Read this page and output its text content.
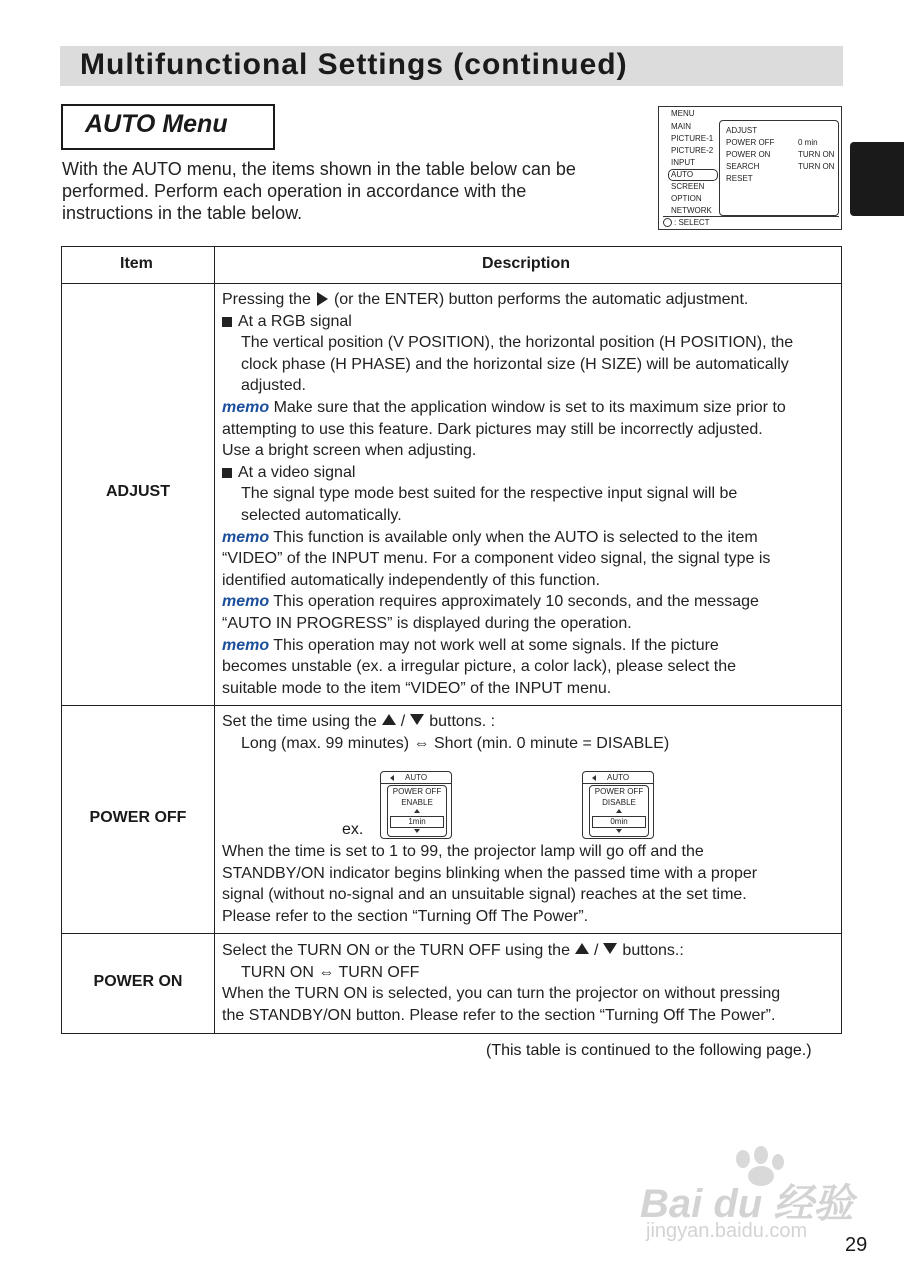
Multifunctional Settings (continued)
AUTO Menu
With the AUTO menu, the items shown in the table below can be
performed. Perform each operation in accordance with the
instructions in the table below.
MENU
MAIN
PICTURE-1
PICTURE-2
INPUT
AUTO
SCREEN
OPTION
NETWORK
ADJUST
POWER OFF	0 min
POWER ON	TURN ON
SEARCH	TURN ON
RESET
: SELECT
Item	Description
ADJUST
Pressing the (or the ENTER) button performs the automatic adjustment.
At a RGB signal
The vertical position (V POSITION), the horizontal position (H POSITION), the
clock phase (H PHASE) and the horizontal size (H SIZE) will be automatically
adjusted.
memo Make sure that the application window is set to its maximum size prior to
attempting to use this feature. Dark pictures may still be incorrectly adjusted.
Use a bright screen when adjusting.
At a video signal
The signal type mode best suited for the respective input signal will be
selected automatically.
memo This function is available only when the AUTO is selected to the item
“VIDEO” of the INPUT menu. For a component video signal, the signal type is
identified automatically independently of this function.
memo This operation requires approximately 10 seconds, and the message
“AUTO IN PROGRESS” is displayed during the operation.
memo This operation may not work well at some signals. If the picture
becomes unstable (ex. a irregular picture, a color lack), please select the
suitable mode to the item “VIDEO” of the INPUT menu.
POWER OFF
Set the time using the / buttons. :
Long (max. 99 minutes) ⇔ Short (min. 0 minute = DISABLE)
ex.
AUTO
POWER OFF
ENABLE
1min
AUTO
POWER OFF
DISABLE
0min
When the time is set to 1 to 99, the projector lamp will go off and the
STANDBY/ON indicator begins blinking when the passed time with a proper
signal (without no-signal and an unsuitable signal) reaches at the set time.
Please refer to the section “Turning Off The Power”.
POWER ON
Select the TURN ON or the TURN OFF using the / buttons.:
TURN ON ⇔ TURN OFF
When the TURN ON is selected, you can turn the projector on without pressing
the STANDBY/ON button. Please refer to the section “Turning Off The Power”.
(This table is continued to the following page.)
Bai du 经验
jingyan.baidu.com
29
